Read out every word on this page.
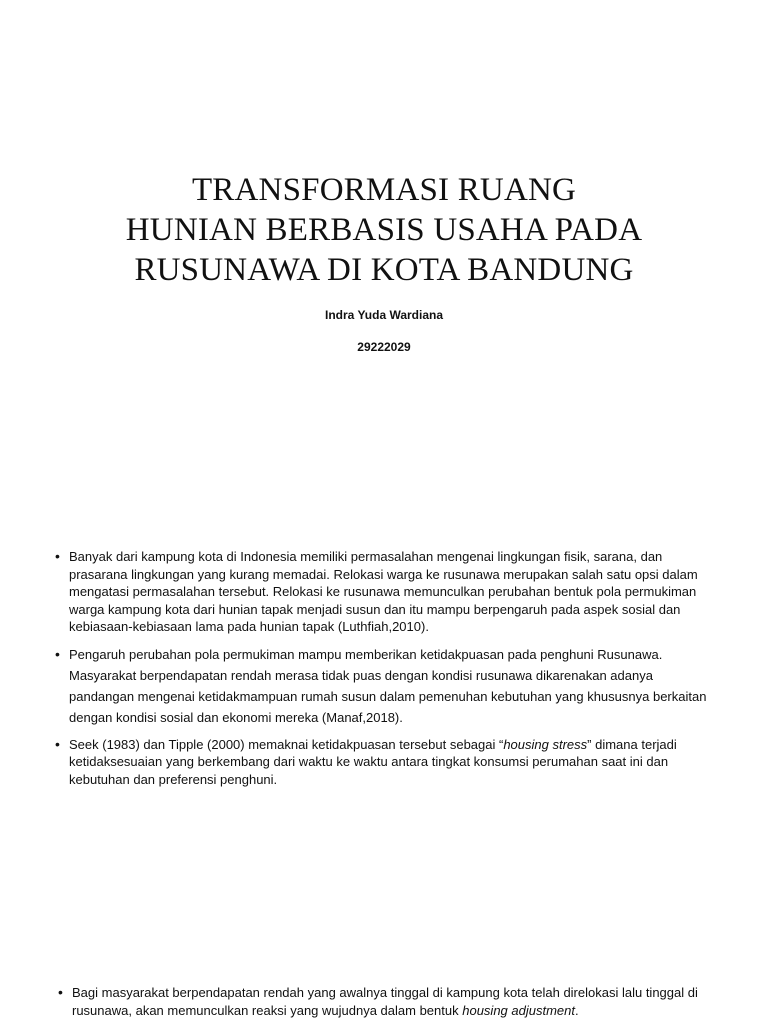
TRANSFORMASI RUANG
HUNIAN BERBASIS USAHA PADA
RUSUNAWA DI KOTA BANDUNG

Indra Yuda Wardiana

29222029

• Banyak dari kampung kota di Indonesia memiliki permasalahan mengenai lingkungan fisik, sarana, dan prasarana lingkungan yang kurang memadai. Relokasi warga ke rusunawa merupakan salah satu opsi dalam mengatasi permasalahan tersebut. Relokasi ke rusunawa memunculkan perubahan bentuk pola permukiman warga kampung kota dari hunian tapak menjadi susun dan itu mampu berpengaruh pada aspek sosial dan kebiasaan-kebiasaan lama pada hunian tapak (Luthfiah,2010).
• Pengaruh perubahan pola permukiman mampu memberikan ketidakpuasan pada penghuni Rusunawa. Masyarakat berpendapatan rendah merasa tidak puas dengan kondisi rusunawa dikarenakan adanya pandangan mengenai ketidakmampuan rumah susun dalam pemenuhan kebutuhan yang khususnya berkaitan dengan kondisi sosial dan ekonomi mereka (Manaf,2018).
• Seek (1983) dan Tipple (2000) memaknai ketidakpuasan tersebut sebagai “housing stress” dimana terjadi ketidaksesuaian yang berkembang dari waktu ke waktu antara tingkat konsumsi perumahan saat ini dan kebutuhan dan preferensi penghuni.
• Bagi masyarakat berpendapatan rendah yang awalnya tinggal di kampung kota telah direlokasi lalu tinggal di rusunawa, akan memunculkan reaksi yang wujudnya dalam bentuk housing adjustment.
